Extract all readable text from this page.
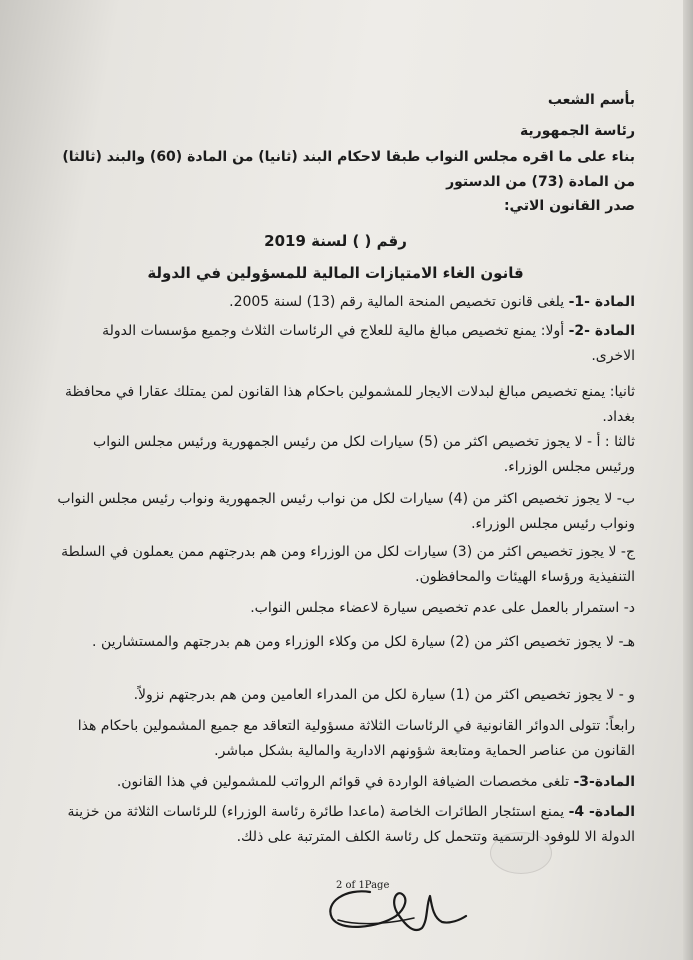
بأسم الشعب
رئاسة الجمهورية
بناء على ما اقره مجلس النواب طبقا لاحكام البند (ثانيا) من المادة (60) والبند (ثالثا) من المادة (73) من الدستور
صدر القانون الاتي:
رقم ( ) لسنة 2019
قانون الغاء الامتيازات المالية للمسؤولين في الدولة
المادة -1- يلغى قانون تخصيص المنحة المالية رقم (13) لسنة 2005.
المادة -2- أولا: يمنع تخصيص مبالغ مالية للعلاج في الرئاسات الثلاث وجميع مؤسسات الدولة الاخرى.
ثانيا: يمنع تخصيص مبالغ لبدلات الايجار للمشمولين باحكام هذا القانون لمن يمتلك عقارا في محافظة بغداد.
ثالثا : أ - لا يجوز تخصيص اكثر من (5) سيارات لكل من رئيس الجمهورية ورئيس مجلس النواب ورئيس مجلس الوزراء.
ب- لا يجوز تخصيص اكثر من (4) سيارات لكل من نواب رئيس الجمهورية ونواب رئيس مجلس النواب ونواب رئيس مجلس الوزراء.
ج- لا يجوز تخصيص اكثر من (3) سيارات لكل من الوزراء ومن هم بدرجتهم ممن يعملون في السلطة التنفيذية ورؤساء الهيئات والمحافظون.
د- استمرار بالعمل على عدم تخصيص سيارة لاعضاء مجلس النواب.
هـ- لا يجوز تخصيص اكثر من (2) سيارة لكل من وكلاء الوزراء ومن هم بدرجتهم والمستشارين .
و - لا يجوز تخصيص اكثر من (1) سيارة لكل من المدراء العامين ومن هم بدرجتهم نزولاً.
رابعاً: تتولى الدوائر القانونية في الرئاسات الثلاثة مسؤولية التعاقد مع جميع المشمولين باحكام هذا القانون من عناصر الحماية ومتابعة شؤونهم الادارية والمالية بشكل مباشر.
المادة-3- تلغى مخصصات الضيافة الواردة في قوائم الرواتب للمشمولين في هذا القانون.
المادة- 4- يمنع استئجار الطائرات الخاصة (ماعدا طائرة رئاسة الوزراء) للرئاسات الثلاثة من خزينة الدولة الا للوفود الرسمية وتتحمل كل رئاسة الكلف المترتبة على ذلك.
2 of 1Page
